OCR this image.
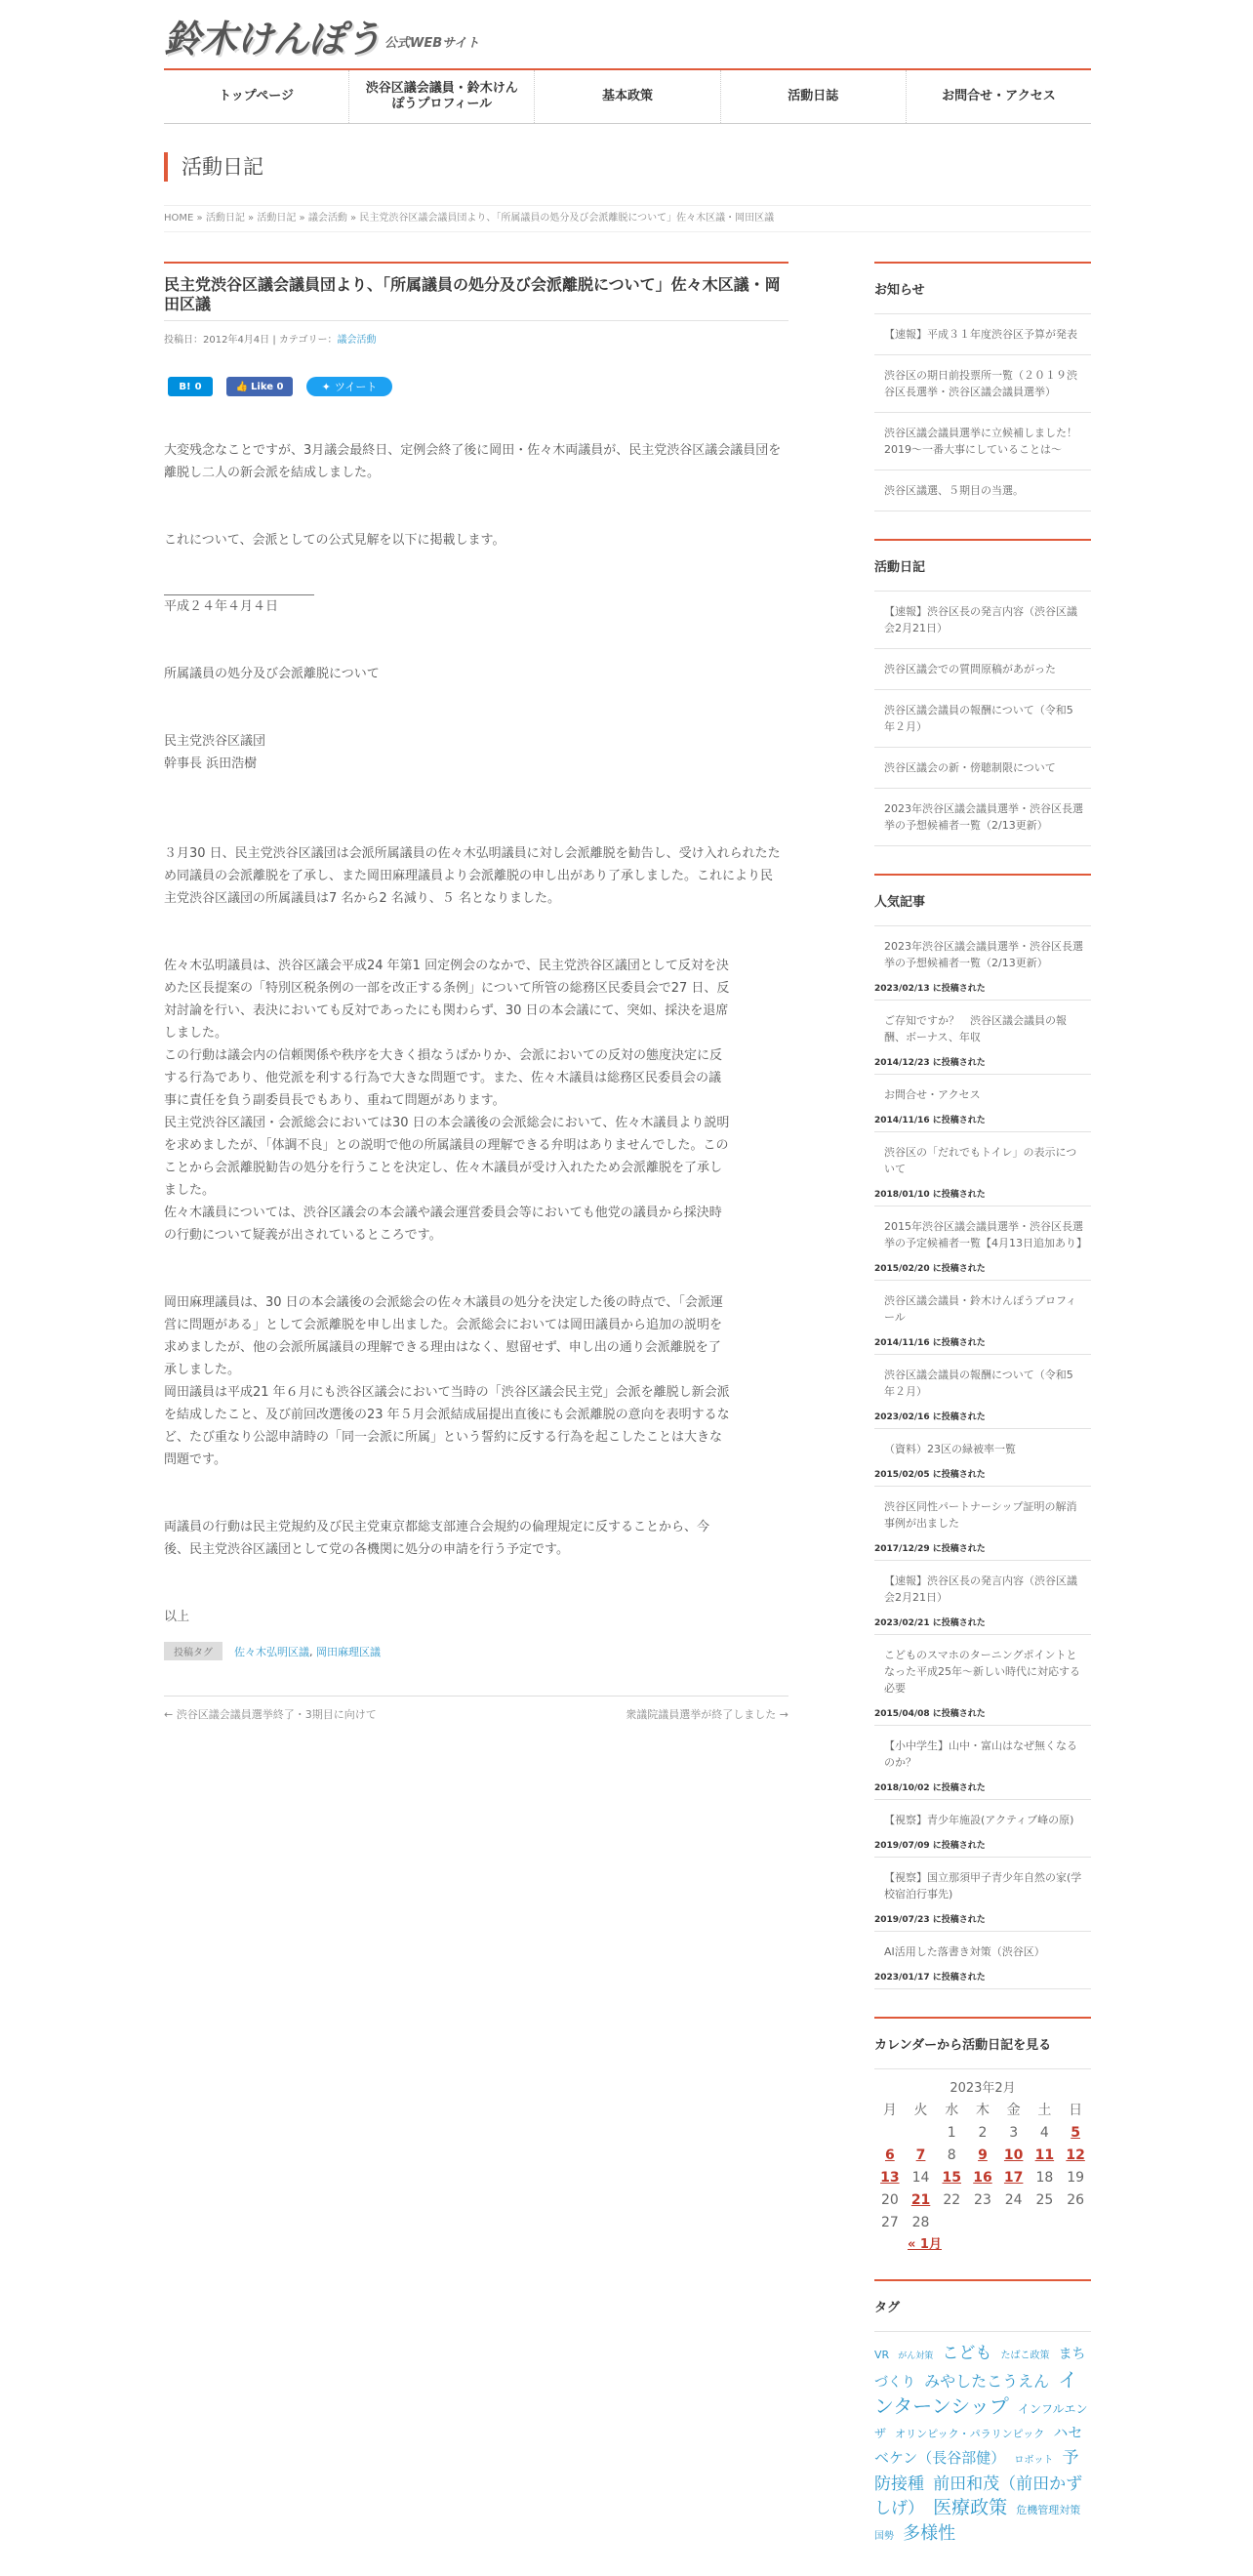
鈴木けんぽう 公式WEBサイト
トップページ
渋谷区議会議員・鈴木けんぽうプロフィール
基本政策	活動日誌	お問合せ・アクセス
活動日記
HOME » 活動日記 » 活動日記 » 議会活動 » 民主党渋谷区議会議員団より、「所属議員の処分及び会派離脱について」佐々木区議・岡田区議
民主党渋谷区議会議員団より、「所属議員の処分及び会派離脱について」佐々木区議・岡田区議
投稿日：2012年4月4日 | カテゴリー：議会活動
B! 0	👍 Like 0	✦ ツイート

大変残念なことですが、3月議会最終日、定例会終了後に岡田・佐々木両議員が、民主党渋谷区議会議員団を離脱し二人の新会派を結成しました。

これについて、会派としての公式見解を以下に掲載します。

平成２４年４月４日

所属議員の処分及び会派離脱について

民主党渋谷区議団

幹事長 浜田浩樹

３月30 日、民主党渋谷区議団は会派所属議員の佐々木弘明議員に対し会派離脱を勧告し、受け入れられたため同議員の会派離脱を了承し、また岡田麻理議員より会派離脱の申し出があり了承しました。これにより民主党渋谷区議団の所属議員は7 名から2 名減り、５ 名となりました。

佐々木弘明議員は、渋谷区議会平成24 年第1 回定例会のなかで、民主党渋谷区議団として反対を決めた区長提案の「特別区税条例の一部を改正する条例」について所管の総務区民委員会で27 日、反対討論を行い、表決においても反対であったにも関わらず、30 日の本会議にて、突如、採決を退席しました。

この行動は議会内の信頼関係や秩序を大きく損なうばかりか、会派においての反対の態度決定に反する行為であり、他党派を利する行為で大きな問題です。また、佐々木議員は総務区民委員会の議事に責任を負う副委員長でもあり、重ねて問題があります。

民主党渋谷区議団・会派総会においては30 日の本会議後の会派総会において、佐々木議員より説明を求めましたが、「体調不良」との説明で他の所属議員の理解できる弁明はありませんでした。このことから会派離脱勧告の処分を行うことを決定し、佐々木議員が受け入れたため会派離脱を了承しました。

佐々木議員については、渋谷区議会の本会議や議会運営委員会等においても他党の議員から採決時の行動について疑義が出されているところです。

岡田麻理議員は、30 日の本会議後の会派総会の佐々木議員の処分を決定した後の時点で、「会派運営に問題がある」として会派離脱を申し出ました。会派総会においては岡田議員から追加の説明を求めましたが、他の会派所属議員の理解できる理由はなく、慰留せず、申し出の通り会派離脱を了承しました。

岡田議員は平成21 年６月にも渋谷区議会において当時の「渋谷区議会民主党」会派を離脱し新会派を結成したこと、及び前回改選後の23 年５月会派結成届提出直後にも会派離脱の意向を表明するなど、たび重なり公認申請時の「同一会派に所属」という誓約に反する行為を起こしたことは大きな問題です。

両議員の行動は民主党規約及び民主党東京都総支部連合会規約の倫理規定に反することから、今後、民主党渋谷区議団として党の各機関に処分の申請を行う予定です。

以上

投稿タグ	佐々木弘明区議, 岡田麻理区議
← 渋谷区議会議員選挙終了・3期目に向けて	衆議院議員選挙が終了しました →
お知らせ
【速報】平成３１年度渋谷区予算が発表
渋谷区の期日前投票所一覧（２０１９渋谷区長選挙・渋谷区議会議員選挙）
渋谷区議会議員選挙に立候補しました！2019～一番大事にしていることは～
渋谷区議選、５期目の当選。
活動日記
【速報】渋谷区長の発言内容（渋谷区議会2月21日）
渋谷区議会での質問原稿があがった
渋谷区議会議員の報酬について（令和5年２月）
渋谷区議会の新・傍聴制限について
2023年渋谷区議会議員選挙・渋谷区長選挙の予想候補者一覧（2/13更新）
人気記事
2023年渋谷区議会議員選挙・渋谷区長選挙の予想候補者一覧（2/13更新）
2023/02/13 に投稿された
ご存知ですか？　渋谷区議会議員の報酬、ボーナス、年収
2014/12/23 に投稿された
お問合せ・アクセス
2014/11/16 に投稿された
渋谷区の「だれでもトイレ」の表示について
2018/01/10 に投稿された
2015年渋谷区議会議員選挙・渋谷区長選挙の予定候補者一覧【4月13日追加あり】
2015/02/20 に投稿された
渋谷区議会議員・鈴木けんぽうプロフィール
2014/11/16 に投稿された
渋谷区議会議員の報酬について（令和5年２月）
2023/02/16 に投稿された
（資料）23区の緑被率一覧
2015/02/05 に投稿された
渋谷区同性パートナーシップ証明の解消事例が出ました
2017/12/29 に投稿された
【速報】渋谷区長の発言内容（渋谷区議会2月21日）
2023/02/21 に投稿された
こどものスマホのターニングポイントとなった平成25年～新しい時代に対応する必要
2015/04/08 に投稿された
【小中学生】山中・富山はなぜ無くなるのか？
2018/10/02 に投稿された
【視察】青少年施設(アクティブ峰の原)
2019/07/09 に投稿された
【視察】国立那須甲子青少年自然の家(学校宿泊行事先)
2019/07/23 に投稿された
AI活用した落書き対策（渋谷区）
2023/01/17 に投稿された
カレンダーから活動日記を見る
2023年2月
月	火	水	木	金	土	日
		1	2	3	4	5
6	7	8	9	10	11	12
13	14	15	16	17	18	19
20	21	22	23	24	25	26
27	28					
« 1月
タグ
VR がん対策 こども たばこ政策 まちづくり みやしたこうえん インターンシップ インフルエンザ オリンピック・パラリンピック ハセベケン（長谷部健） ロボット 予防接種 前田和茂（前田かずしげ） 医療政策 危機管理対策 国勢 多様性
